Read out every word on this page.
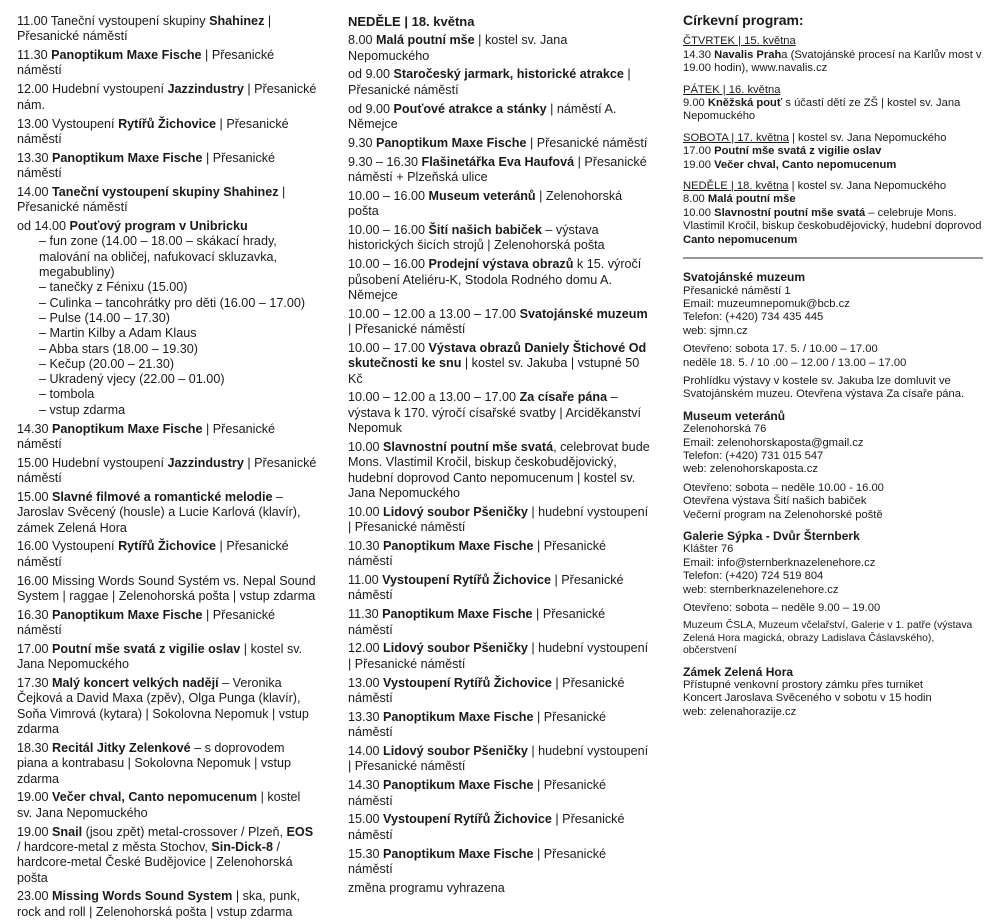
11.00 Taneční vystoupení skupiny Shahinez | Přesanické náměstí
11.30 Panoptikum Maxe Fische | Přesanické náměstí
12.00 Hudební vystoupení Jazzindustry | Přesanické nám.
13.00 Vystoupení Rytířů Žichovice | Přesanické náměstí
13.30 Panoptikum Maxe Fische | Přesanické náměstí
14.00 Taneční vystoupení skupiny Shahinez | Přesanické náměstí
od 14.00 Pouťový program v Unibricku
– fun zone (14.00 – 18.00 – skákací hrady, malování na obličej, nafukovací skluzavka, megabubliny)
– tanečky z Fénixu (15.00)
– Culinka – tancohrátky pro děti (16.00 – 17.00)
– Pulse (14.00 – 17.30)
– Martin Kilby a Adam Klaus
– Abba stars (18.00 – 19.30)
– Kečup (20.00 – 21.30)
– Ukradený vjecy (22.00 – 01.00)
– tombola
– vstup zdarma
14.30 Panoptikum Maxe Fische | Přesanické náměstí
15.00 Hudební vystoupení Jazzindustry | Přesanické náměstí
15.00 Slavné filmové a romantické melodie – Jaroslav Svěcený (housle) a Lucie Karlová (klavír), zámek Zelená Hora
16.00 Vystoupení Rytířů Žichovice | Přesanické náměstí
16.00 Missing Words Sound Systém vs. Nepal Sound System | raggae | Zelenohorská pošta | vstup zdarma
16.30 Panoptikum Maxe Fische | Přesanické náměstí
17.00 Poutní mše svatá z vigilie oslav | kostel sv. Jana Nepomuckého
17.30 Malý koncert velkých nadějí – Veronika Čejková a David Maxa (zpěv), Olga Punga (klavír), Soňa Vimrová (kytara) | Sokolovna Nepomuk | vstup zdarma
18.30 Recitál Jitky Zelenkové – s doprovodem piana a kontrabasu | Sokolovna Nepomuk | vstup zdarma
19.00 Večer chval, Canto nepomucenum | kostel sv. Jana Nepomuckého
19.00 Snail (jsou zpět) metal-crossover / Plzeň, EOS / hardcore-metal z města Stochov, Sin-Dick-8 / hardcore-metal České Budějovice | Zelenohorská pošta
23.00 Missing Words Sound System | ska, punk, rock and roll | Zelenohorská pošta | vstup zdarma
NEDĚLE | 18. května
8.00 Malá poutní mše | kostel sv. Jana Nepomuckého
od 9.00 Staročeský jarmark, historické atrakce | Přesanické náměstí
od 9.00 Pouťové atrakce a stánky | náměstí A. Němejce
9.30 Panoptikum Maxe Fische | Přesanické náměstí
9.30 – 16.30 Flašinetářka Eva Haufová | Přesanické náměstí + Plzeňská ulice
10.00 – 16.00 Museum veteránů | Zelenohorská pošta
10.00 – 16.00 Šití našich babiček – výstava historických šicích strojů | Zelenohorská pošta
10.00 – 16.00 Prodejní výstava obrazů k 15. výročí působení Ateliéru-K, Stodola Rodného domu A. Němejce
10.00 – 12.00 a 13.00 – 17.00 Svatojánské muzeum | Přesanické náměstí
10.00 – 17.00 Výstava obrazů Daniely Štichové Od skutečnosti ke snu | kostel sv. Jakuba | vstupné 50 Kč
10.00 – 12.00 a 13.00 – 17.00 Za císaře pána – výstava k 170. výročí císařské svatby | Arciděkanství Nepomuk
10.00 Slavnostní poutní mše svatá, celebrovat bude Mons. Vlastimil Kročil, biskup českobudějovický, hudební doprovod Canto nepomucenum | kostel sv. Jana Nepomuckého
10.00 Lidový soubor Pšeničky | hudební vystoupení | Přesanické náměstí
10.30 Panoptikum Maxe Fische | Přesanické náměstí
11.00 Vystoupení Rytířů Žichovice | Přesanické náměstí
11.30 Panoptikum Maxe Fische | Přesanické náměstí
12.00 Lidový soubor Pšeničky | hudební vystoupení | Přesanické náměstí
13.00 Vystoupení Rytířů Žichovice | Přesanické náměstí
13.30 Panoptikum Maxe Fische | Přesanické náměstí
14.00 Lidový soubor Pšeničky | hudební vystoupení | Přesanické náměstí
14.30 Panoptikum Maxe Fische | Přesanické náměstí
15.00 Vystoupení Rytířů Žichovice | Přesanické náměstí
15.30 Panoptikum Maxe Fische | Přesanické náměstí
změna programu vyhrazena
Církevní program:
ČTVRTEK | 15. května
14.30 Navalis Praha (Svatojánské procesí na Karlův most v 19.00 hodin), www.navalis.cz
PÁTEK | 16. května
9.00 Kněžská pouť s účastí dětí ze ZŠ | kostel sv. Jana Nepomuckého
SOBOTA | 17. května | kostel sv. Jana Nepomuckého
17.00 Poutní mše svatá z vigilie oslav
19.00 Večer chval, Canto nepomucenum
NEDĚLE | 18. května | kostel sv. Jana Nepomuckého
8.00 Malá poutní mše
10.00 Slavnostní poutní mše svatá – celebruje Mons. Vlastimil Kročil, biskup českobudějovický, hudební doprovod Canto nepomucenum
Svatojánské muzeum
Přesanické náměstí 1
Email: muzeumnepomuk@bcb.cz
Telefon: (+420) 734 435 445
web: sjmn.cz
Otevřeno: sobota 17. 5. / 10.00 – 17.00
neděle 18. 5. / 10 .00 – 12.00 / 13.00 – 17.00
Prohlídku výstavy v kostele sv. Jakuba lze domluvit ve Svatojánském muzeu. Otevřena výstava Za císaře pána.
Museum veteránů
Zelenohorská 76
Email: zelenohorskaposta@gmail.cz
Telefon: (+420) 731 015 547
web: zelenohorskaposta.cz
Otevřeno: sobota – neděle 10.00 - 16.00
Otevřena výstava Šití našich babiček
Večerní program na Zelenohorské poště
Galerie Sýpka - Dvůr Šternberk
Klášter 76
Email: info@sternberknazelenehore.cz
Telefon: (+420) 724 519 804
web: sternberknazelenehore.cz
Otevřeno: sobota – neděle 9.00 – 19.00
Muzeum ČSLA, Muzeum včelařství, Galerie v 1. patře (výstava Zelená Hora magická, obrazy Ladislava Čáslavského), občerstvení
Zámek Zelená Hora
Přístupné venkovní prostory zámku přes turniket
Koncert Jaroslava Svěceného v sobotu v 15 hodin
web: zelenahorazije.cz
